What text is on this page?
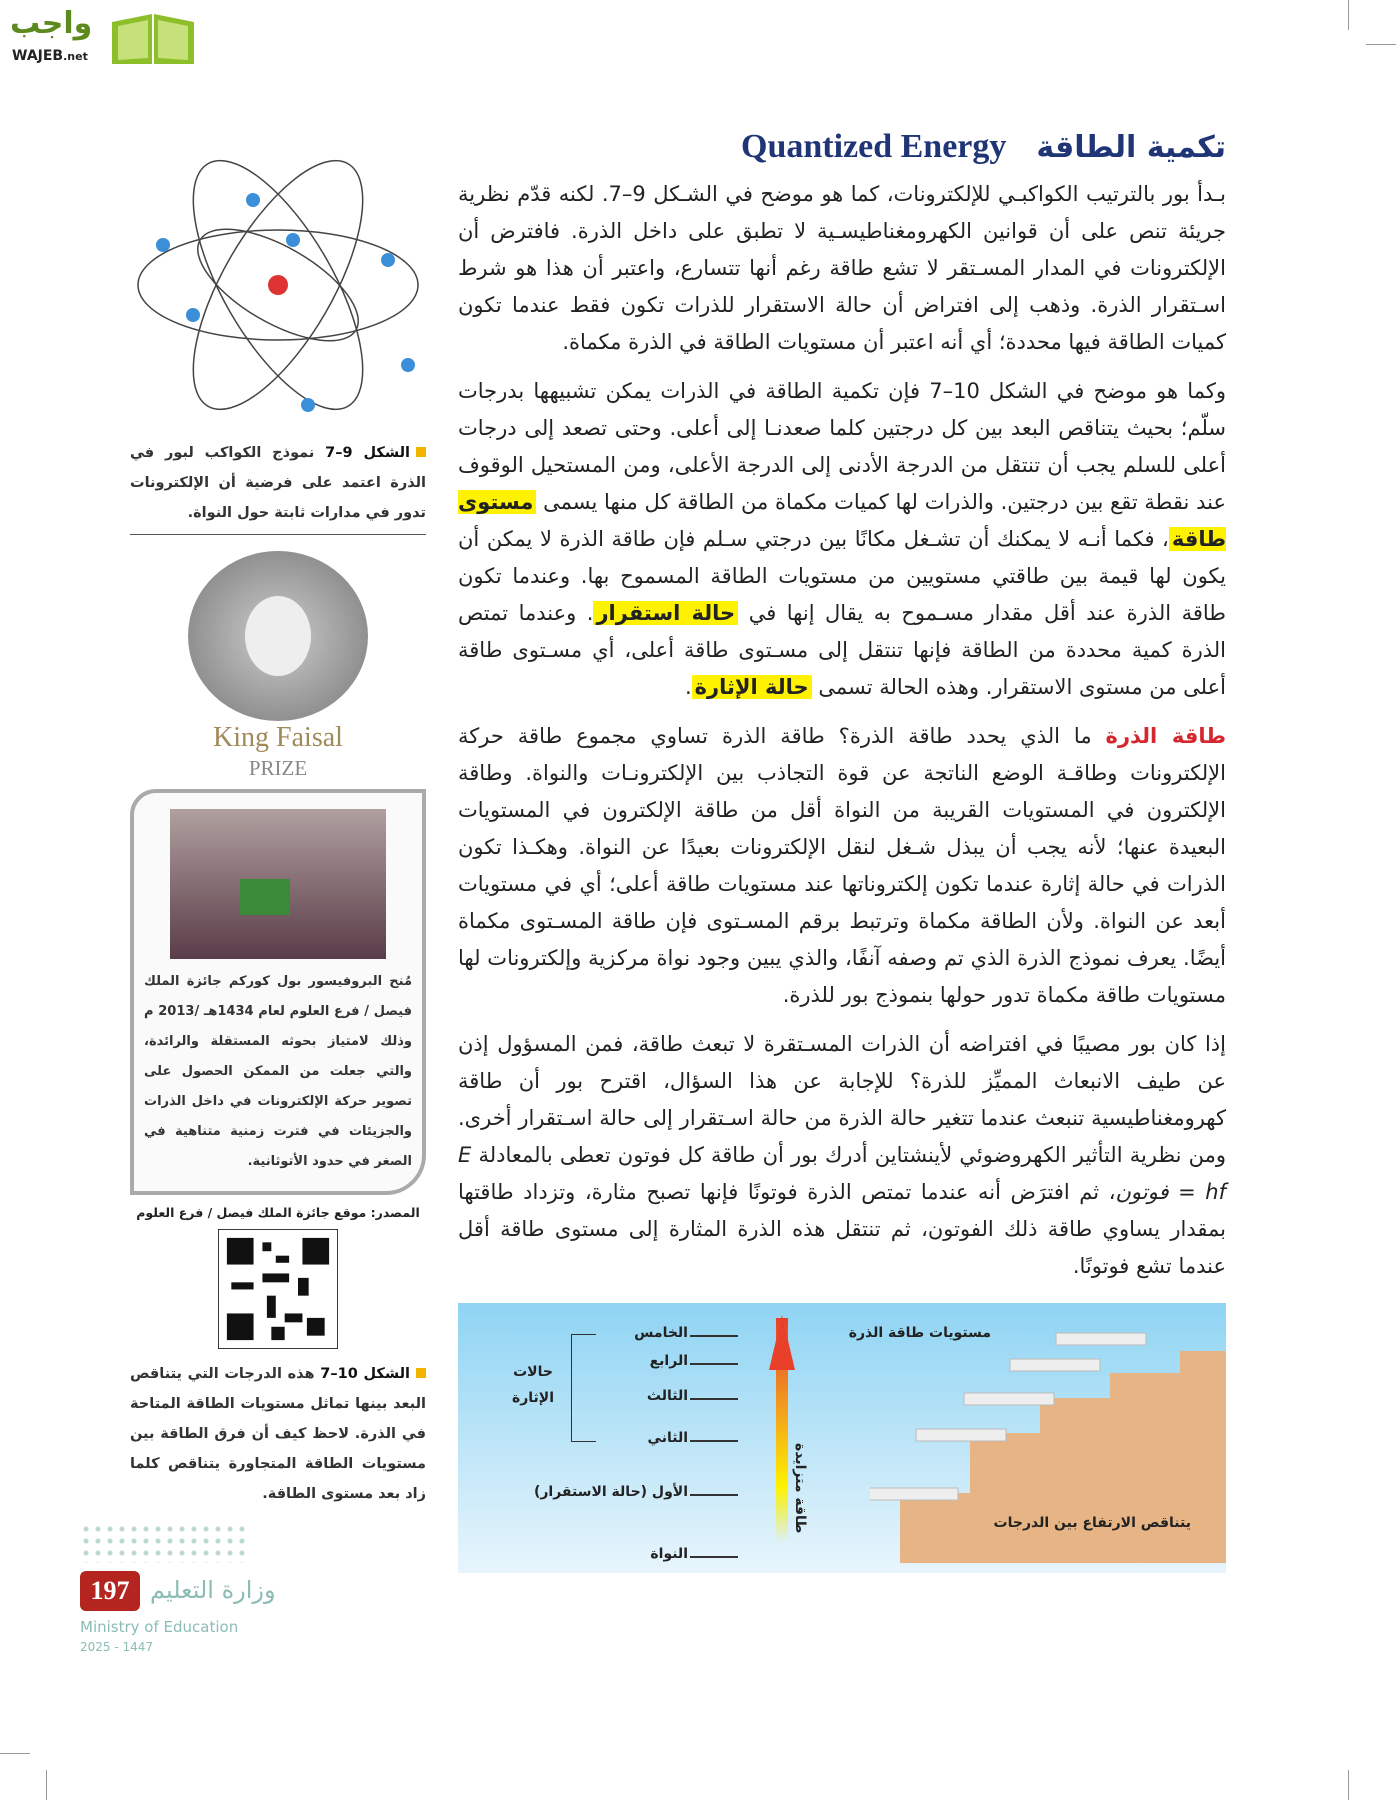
واجب
WAJEB.net
Quantized Energy تكمية الطاقة

بـدأ بور بالترتيب الكواكبـي للإلكترونات، كما هو موضح في الشـكل 9–7. لكنه قدّم نظرية جريئة تنص على أن قوانين الكهرومغناطيسـية لا تطبق على داخل الذرة. فافترض أن الإلكترونات في المدار المسـتقر لا تشع طاقة رغم أنها تتسارع، واعتبر أن هذا هو شرط اسـتقرار الذرة. وذهب إلى افتراض أن حالة الاستقرار للذرات تكون فقط عندما تكون كميات الطاقة فيها محددة؛ أي أنه اعتبر أن مستويات الطاقة في الذرة مكماة.

وكما هو موضح في الشكل 10–7 فإن تكمية الطاقة في الذرات يمكن تشبيهها بدرجات سلّم؛ بحيث يتناقص البعد بين كل درجتين كلما صعدنـا إلى أعلى. وحتى تصعد إلى درجات أعلى للسلم يجب أن تنتقل من الدرجة الأدنى إلى الدرجة الأعلى، ومن المستحيل الوقوف عند نقطة تقع بين درجتين. والذرات لها كميات مكماة من الطاقة كل منها يسمى مستوى طاقة، فكما أنـه لا يمكنك أن تشـغل مكانًا بين درجتي سـلم فإن طاقة الذرة لا يمكن أن يكون لها قيمة بين طاقتي مستويين من مستويات الطاقة المسموح بها. وعندما تكون طاقة الذرة عند أقل مقدار مسـموح به يقال إنها في حالة استقرار. وعندما تمتص الذرة كمية محددة من الطاقة فإنها تنتقل إلى مسـتوى طاقة أعلى، أي مسـتوى طاقة أعلى من مستوى الاستقرار. وهذه الحالة تسمى حالة الإثارة.

طاقة الذرة ما الذي يحدد طاقة الذرة؟ طاقة الذرة تساوي مجموع طاقة حركة الإلكترونات وطاقـة الوضع الناتجة عن قوة التجاذب بين الإلكترونـات والنواة. وطاقة الإلكترون في المستويات القريبة من النواة أقل من طاقة الإلكترون في المستويات البعيدة عنها؛ لأنه يجب أن يبذل شـغل لنقل الإلكترونات بعيدًا عن النواة. وهكـذا تكون الذرات في حالة إثارة عندما تكون إلكتروناتها عند مستويات طاقة أعلى؛ أي في مستويات أبعد عن النواة. ولأن الطاقة مكماة وترتبط برقم المسـتوى فإن طاقة المسـتوى مكماة أيضًا. يعرف نموذج الذرة الذي تم وصفه آنفًا، والذي يبين وجود نواة مركزية وإلكترونات لها مستويات طاقة مكماة تدور حولها بنموذج بور للذرة.

إذا كان بور مصيبًا في افتراضه أن الذرات المسـتقرة لا تبعث طاقة، فمن المسؤول إذن عن طيف الانبعاث المميِّز للذرة؟ للإجابة عن هذا السؤال، اقترح بور أن طاقة كهرومغناطيسية تنبعث عندما تتغير حالة الذرة من حالة اسـتقرار إلى حالة اسـتقرار أخرى. ومن نظرية التأثير الكهروضوئي لأينشتاين أدرك بور أن طاقة كل فوتون تعطى بالمعادلة E فوتون = hf، ثم افترَض أنه عندما تمتص الذرة فوتونًا فإنها تصبح مثارة، وتزداد طاقتها بمقدار يساوي طاقة ذلك الفوتون، ثم تنتقل هذه الذرة المثارة إلى مستوى طاقة أقل عندما تشع فوتونًا.

مستويات طاقة الذرة
يتناقص الارتفاع بين الدرجات
طاقة متزايدة
الخامس
الرابع
الثالث
الثاني
الأول (حالة الاستقرار)
النواة
حالات الإثارة

الشكل 9–7 نموذج الكواكب لبور في الذرة اعتمد على فرضية أن الإلكترونات تدور في مدارات ثابتة حول النواة.

King Faisal
PRIZE

مُنح البروفيسور بول كوركم جائزة الملك فيصل / فرع العلوم لعام 1434هـ /2013 م وذلك لامتياز بحوثه المستقلة والرائدة، والتي جعلت من الممكن الحصول على تصوير حركة الإلكترونات في داخل الذرات والجزيئات في فترت زمنية متناهية في الصغر في حدود الأتوثانية.

المصدر: موقع جائزة الملك فيصل / فرع العلوم

الشكل 10–7 هذه الدرجات التي يتناقص البعد بينها تماثل مستويات الطاقة المتاحة في الذرة. لاحظ كيف أن فرق الطاقة بين مستويات الطاقة المتجاورة يتناقص كلما زاد بعد مستوى الطاقة.

197 وزارة التعليم
Ministry of Education
2025 - 1447
